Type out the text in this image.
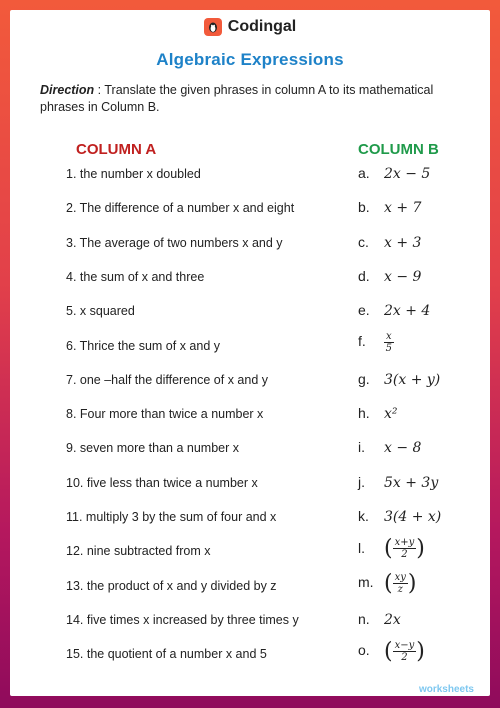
Codingal
Algebraic Expressions
Direction : Translate the given phrases in column A to its mathematical phrases in Column B.
COLUMN A	COLUMN B
1. the number x doubled	a. 2x − 5
2. The difference of a number x and eight	b. x + 7
3. The average of two numbers x and y	c. x + 3
4. the sum of x and three	d. x − 9
5. x squared	e. 2x + 4
6. Thrice the sum of x and y	f. $\frac{x}{5}$
7. one –half the difference of x and y	g. 3(x + y)
8. Four more than twice a number x	h. x²
9. seven more than a number x	i. x − 8
10. five less than twice a number x	j. 5x + 3y
11. multiply 3 by the sum of four and x	k. 3(4 + x)
12. nine subtracted from x	l. ( $\frac{x+y}{2}$ )
13. the product of x and y divided by z	m. ( $\frac{xy}{z}$ )
14. five times x increased by three times y	n. 2x
15. the quotient of a number x and 5	o. ( $\frac{x-y}{2}$ )
TOP
worksheets
